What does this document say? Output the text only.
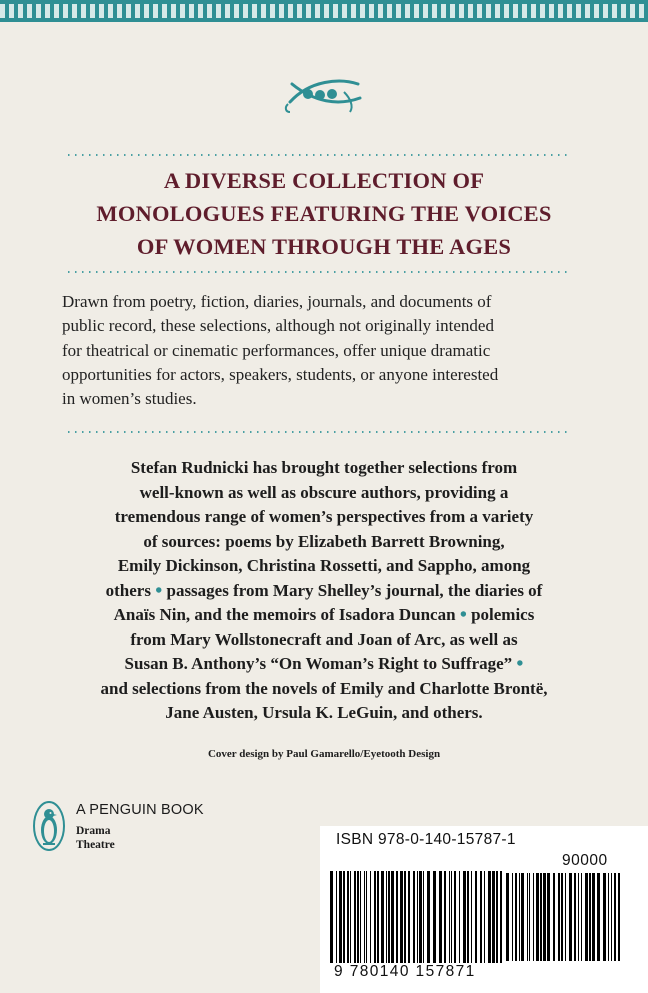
A DIVERSE COLLECTION OF
MONOLOGUES FEATURING THE VOICES
OF WOMEN THROUGH THE AGES
Drawn from poetry, fiction, diaries, journals, and documents of
public record, these selections, although not originally intended
for theatrical or cinematic performances, offer unique dramatic
opportunities for actors, speakers, students, or anyone interested
in women’s studies.
Stefan Rudnicki has brought together selections from
well-known as well as obscure authors, providing a
tremendous range of women’s perspectives from a variety
of sources: poems by Elizabeth Barrett Browning,
Emily Dickinson, Christina Rossetti, and Sappho, among
others • passages from Mary Shelley’s journal, the diaries of
Anaïs Nin, and the memoirs of Isadora Duncan • polemics
from Mary Wollstonecraft and Joan of Arc, as well as
Susan B. Anthony’s “On Woman’s Right to Suffrage” •
and selections from the novels of Emily and Charlotte Brontë,
Jane Austen, Ursula K. LeGuin, and others.
Cover design by Paul Gamarello/Eyetooth Design
A PENGUIN BOOK
Drama
Theatre	ISBN 978-0-140-15787-1
90000
9 780140 157871
